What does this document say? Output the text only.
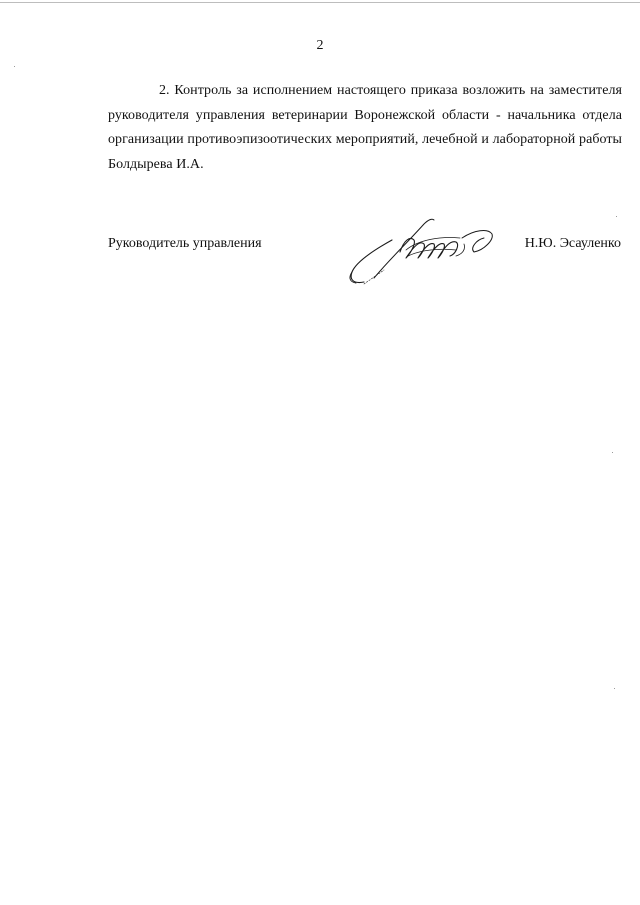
2

2. Контроль за исполнением настоящего приказа возложить на заместителя руководителя управления ветеринарии Воронежской области - начальника отдела организации противоэпизоотических мероприятий, лечебной и лабораторной работы Болдырева И.А.

Руководитель управления	Н.Ю. Эсауленко
